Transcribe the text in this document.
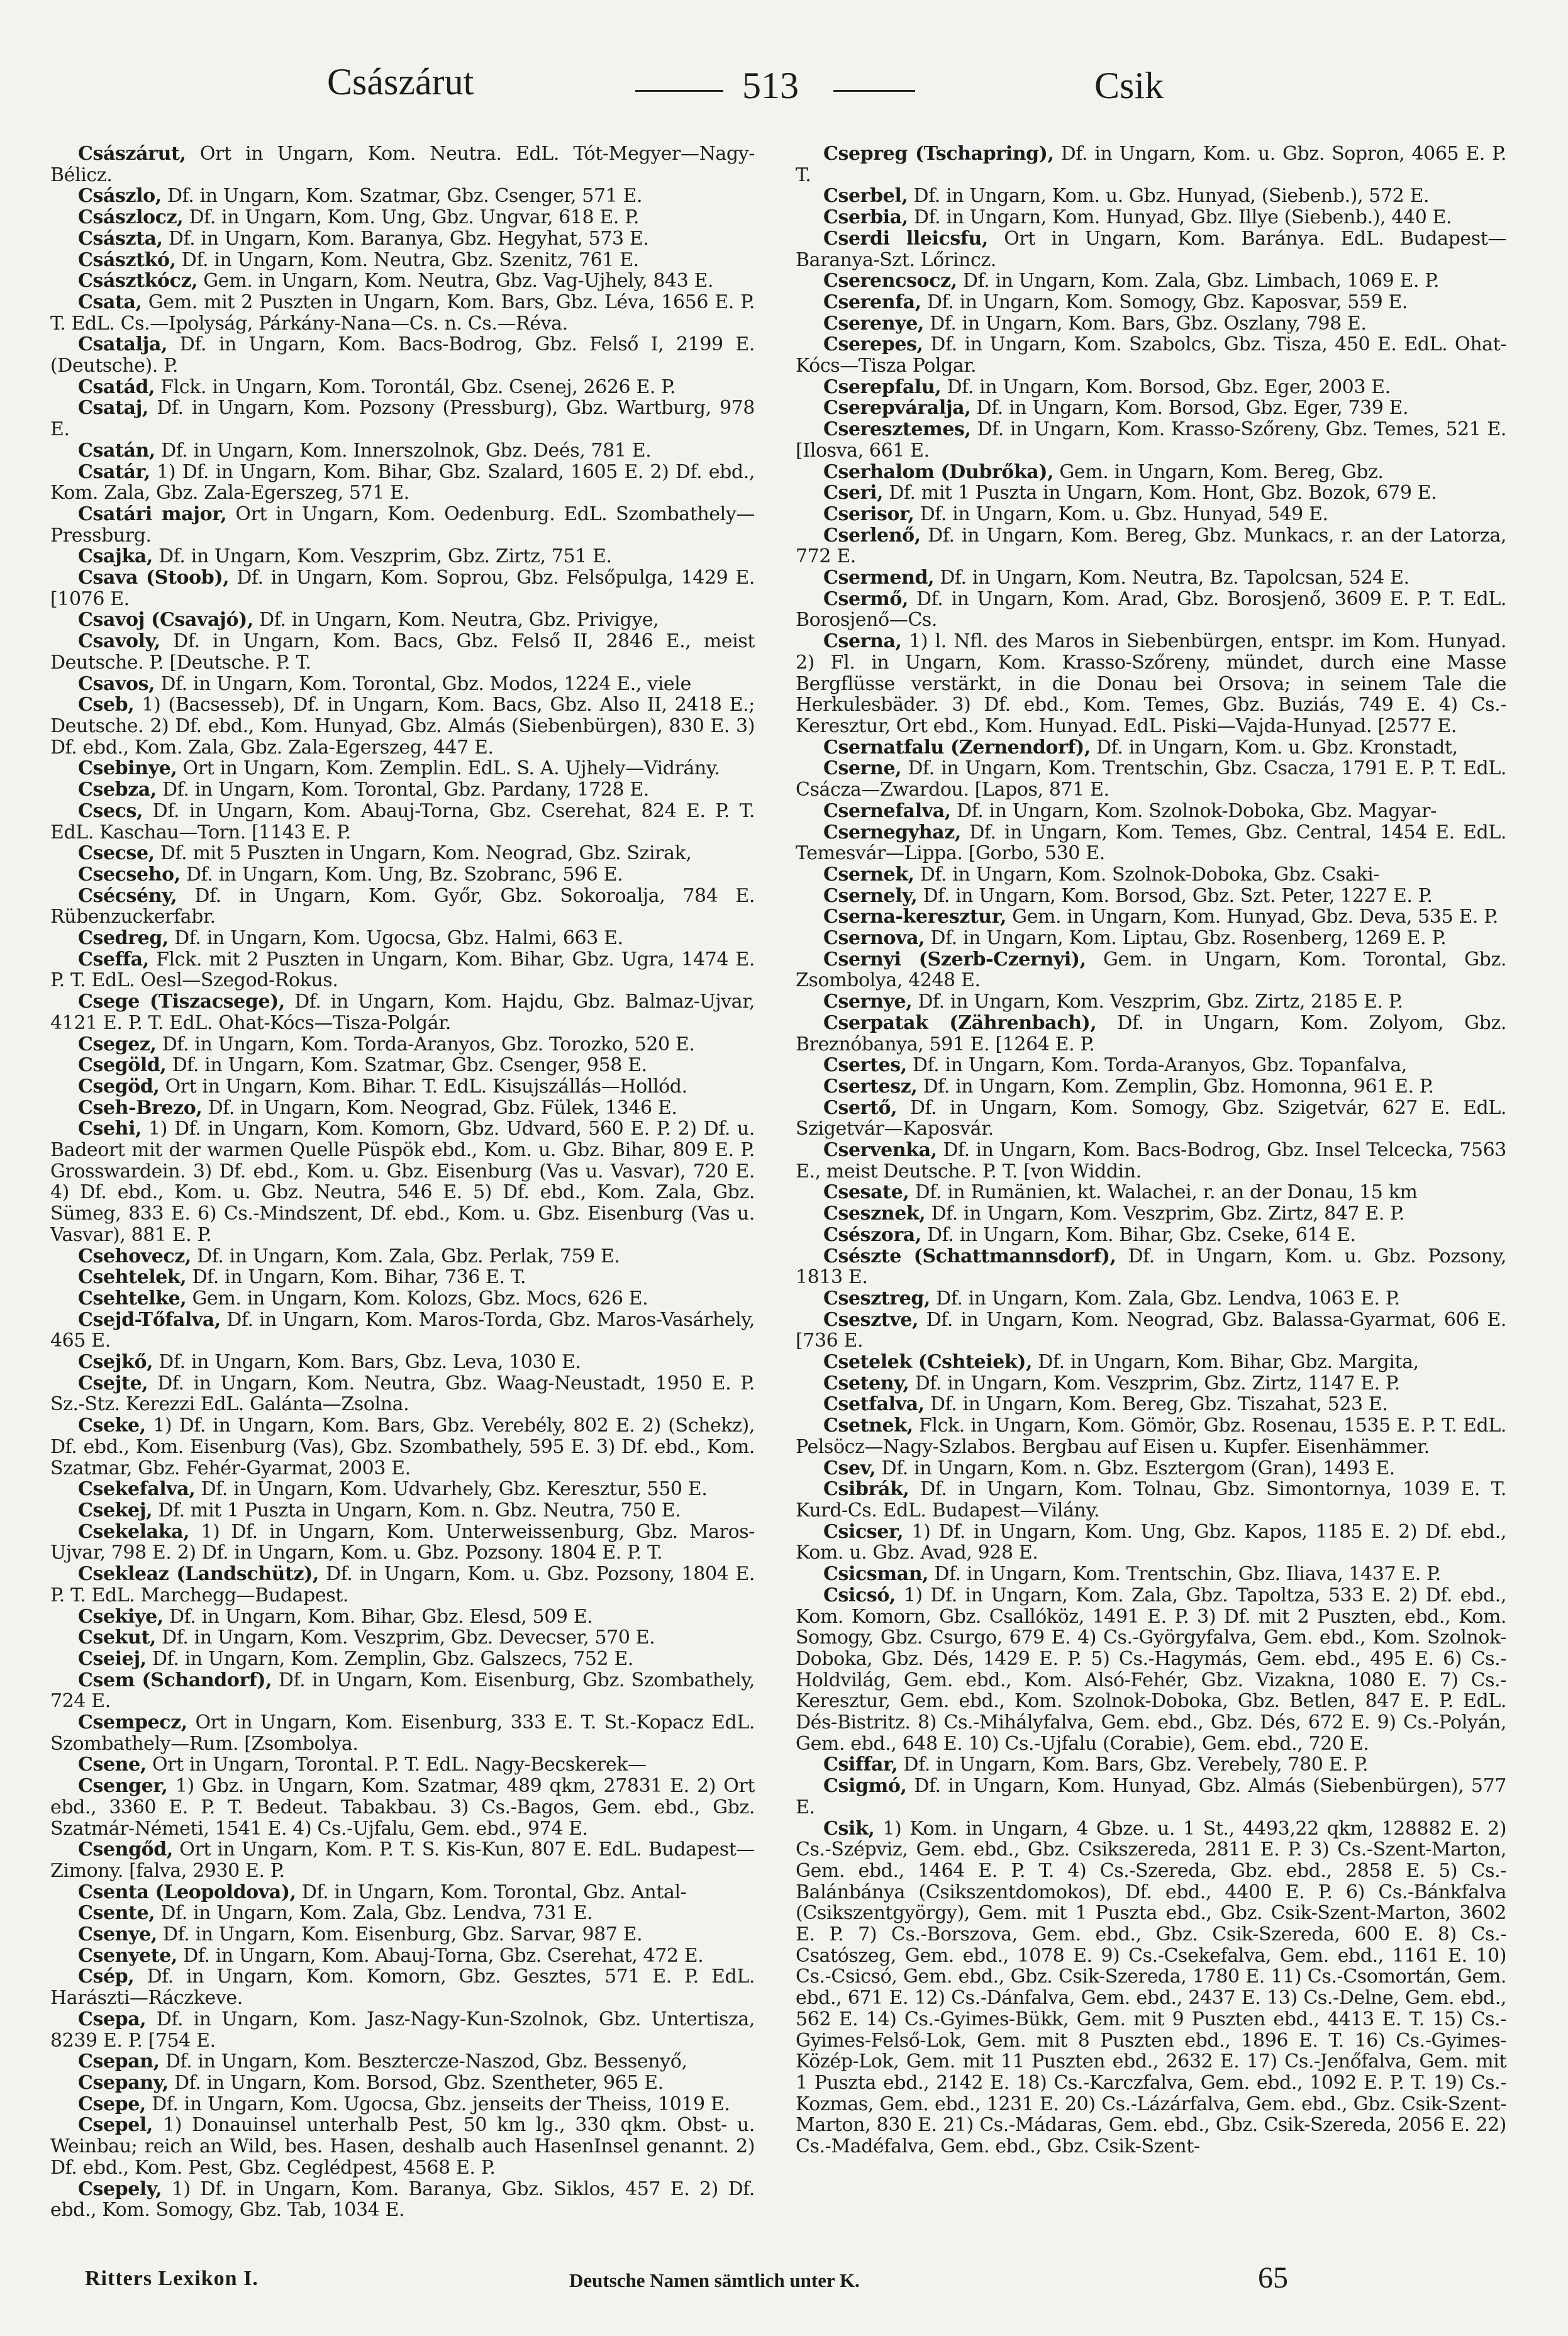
Császárut	513	Csik

Császárut, Ort in Ungarn, Kom. Neutra. EdL. Tót-Megyer—Nagy-Bélicz.

Császlo, Df. in Ungarn, Kom. Szatmar, Gbz. Csenger, 571 E.

Császlocz, Df. in Ungarn, Kom. Ung, Gbz. Ungvar, 618 E. P.

Császta, Df. in Ungarn, Kom. Baranya, Gbz. Hegyhat, 573 E.

Császtkó, Df. in Ungarn, Kom. Neutra, Gbz. Szenitz, 761 E.

Császtkócz, Gem. in Ungarn, Kom. Neutra, Gbz. Vag-Ujhely, 843 E.

Csata, Gem. mit 2 Puszten in Ungarn, Kom. Bars, Gbz. Léva, 1656 E. P. T. EdL. Cs.—Ipolyság, Párkány-Nana—Cs. n. Cs.—Réva.

Csatalja, Df. in Ungarn, Kom. Bacs-Bodrog, Gbz. Felső I, 2199 E. (Deutsche). P.

Csatád, Flck. in Ungarn, Kom. Torontál, Gbz. Csenej, 2626 E. P.

Csataj, Df. in Ungarn, Kom. Pozsony (Pressburg), Gbz. Wartburg, 978 E.

Csatán, Df. in Ungarn, Kom. Innerszolnok, Gbz. Deés, 781 E.

Csatár, 1) Df. in Ungarn, Kom. Bihar, Gbz. Szalard, 1605 E. 2) Df. ebd., Kom. Zala, Gbz. Zala-Egerszeg, 571 E.

Csatári major, Ort in Ungarn, Kom. Oedenburg. EdL. Szombathely—Pressburg.

Csajka, Df. in Ungarn, Kom. Veszprim, Gbz. Zirtz, 751 E.

Csava (Stoob), Df. in Ungarn, Kom. Soprou, Gbz. Felsőpulga, 1429 E. [1076 E.

Csavoj (Csavajó), Df. in Ungarn, Kom. Neutra, Gbz. Privigye,

Csavoly, Df. in Ungarn, Kom. Bacs, Gbz. Felső II, 2846 E., meist Deutsche. P. [Deutsche. P. T.

Csavos, Df. in Ungarn, Kom. Torontal, Gbz. Modos, 1224 E., viele

Cseb, 1) (Bacsesseb), Df. in Ungarn, Kom. Bacs, Gbz. Also II, 2418 E.; Deutsche. 2) Df. ebd., Kom. Hunyad, Gbz. Almás (Siebenbürgen), 830 E. 3) Df. ebd., Kom. Zala, Gbz. Zala-Egerszeg, 447 E.

Csebinye, Ort in Ungarn, Kom. Zemplin. EdL. S. A. Ujhely—Vidrány.

Csebza, Df. in Ungarn, Kom. Torontal, Gbz. Pardany, 1728 E.

Csecs, Df. in Ungarn, Kom. Abauj-Torna, Gbz. Cserehat, 824 E. P. T. EdL. Kaschau—Torn. [1143 E. P.

Csecse, Df. mit 5 Puszten in Ungarn, Kom. Neograd, Gbz. Szirak,

Csecseho, Df. in Ungarn, Kom. Ung, Bz. Szobranc, 596 E.

Csécsény, Df. in Ungarn, Kom. Győr, Gbz. Sokoroalja, 784 E. Rübenzuckerfabr.

Csedreg, Df. in Ungarn, Kom. Ugocsa, Gbz. Halmi, 663 E.

Cseffa, Flck. mit 2 Puszten in Ungarn, Kom. Bihar, Gbz. Ugra, 1474 E. P. T. EdL. Oesl—Szegod-Rokus.

Csege (Tiszacsege), Df. in Ungarn, Kom. Hajdu, Gbz. Balmaz-Ujvar, 4121 E. P. T. EdL. Ohat-Kócs—Tisza-Polgár.

Csegez, Df. in Ungarn, Kom. Torda-Aranyos, Gbz. Torozko, 520 E.

Csegöld, Df. in Ungarn, Kom. Szatmar, Gbz. Csenger, 958 E.

Csegöd, Ort in Ungarn, Kom. Bihar. T. EdL. Kisujszállás—Hollód.

Cseh-Brezo, Df. in Ungarn, Kom. Neograd, Gbz. Fülek, 1346 E.

Csehi, 1) Df. in Ungarn, Kom. Komorn, Gbz. Udvard, 560 E. P. 2) Df. u. Badeort mit der warmen Quelle Püspök ebd., Kom. u. Gbz. Bihar, 809 E. P. Grosswardein. 3) Df. ebd., Kom. u. Gbz. Eisenburg (Vas u. Vasvar), 720 E. 4) Df. ebd., Kom. u. Gbz. Neutra, 546 E. 5) Df. ebd., Kom. Zala, Gbz. Sümeg, 833 E. 6) Cs.-Mindszent, Df. ebd., Kom. u. Gbz. Eisenburg (Vas u. Vasvar), 881 E. P.

Csehovecz, Df. in Ungarn, Kom. Zala, Gbz. Perlak, 759 E.

Csehtelek, Df. in Ungarn, Kom. Bihar, 736 E. T.

Csehtelke, Gem. in Ungarn, Kom. Kolozs, Gbz. Mocs, 626 E.

Csejd-Tőfalva, Df. in Ungarn, Kom. Maros-Torda, Gbz. Maros-Vasárhely, 465 E.

Csejkő, Df. in Ungarn, Kom. Bars, Gbz. Leva, 1030 E.

Csejte, Df. in Ungarn, Kom. Neutra, Gbz. Waag-Neustadt, 1950 E. P. Sz.-Stz. Kerezzi EdL. Galánta—Zsolna.

Cseke, 1) Df. in Ungarn, Kom. Bars, Gbz. Verebély, 802 E. 2) (Schekz), Df. ebd., Kom. Eisenburg (Vas), Gbz. Szombathely, 595 E. 3) Df. ebd., Kom. Szatmar, Gbz. Fehér-Gyarmat, 2003 E.

Csekefalva, Df. in Ungarn, Kom. Udvarhely, Gbz. Keresztur, 550 E.

Csekej, Df. mit 1 Puszta in Ungarn, Kom. n. Gbz. Neutra, 750 E.

Csekelaka, 1) Df. in Ungarn, Kom. Unterweissenburg, Gbz. Maros-Ujvar, 798 E. 2) Df. in Ungarn, Kom. u. Gbz. Pozsony. 1804 E. P. T.

Csekleaz (Landschütz), Df. in Ungarn, Kom. u. Gbz. Pozsony, 1804 E. P. T. EdL. Marchegg—Budapest.

Csekiye, Df. in Ungarn, Kom. Bihar, Gbz. Elesd, 509 E.

Csekut, Df. in Ungarn, Kom. Veszprim, Gbz. Devecser, 570 E.

Cseiej, Df. in Ungarn, Kom. Zemplin, Gbz. Galszecs, 752 E.

Csem (Schandorf), Df. in Ungarn, Kom. Eisenburg, Gbz. Szombathely, 724 E.

Csempecz, Ort in Ungarn, Kom. Eisenburg, 333 E. T. St.-Kopacz EdL. Szombathely—Rum. [Zsombolya.

Csene, Ort in Ungarn, Torontal. P. T. EdL. Nagy-Becskerek—

Csenger, 1) Gbz. in Ungarn, Kom. Szatmar, 489 qkm, 27831 E. 2) Ort ebd., 3360 E. P. T. Bedeut. Tabakbau. 3) Cs.-Bagos, Gem. ebd., Gbz. Szatmár-Németi, 1541 E. 4) Cs.-Ujfalu, Gem. ebd., 974 E.

Csengőd, Ort in Ungarn, Kom. P. T. S. Kis-Kun, 807 E. EdL. Budapest—Zimony. [falva, 2930 E. P.

Csenta (Leopoldova), Df. in Ungarn, Kom. Torontal, Gbz. Antal-

Csente, Df. in Ungarn, Kom. Zala, Gbz. Lendva, 731 E.

Csenye, Df. in Ungarn, Kom. Eisenburg, Gbz. Sarvar, 987 E.

Csenyete, Df. in Ungarn, Kom. Abauj-Torna, Gbz. Cserehat, 472 E.

Csép, Df. in Ungarn, Kom. Komorn, Gbz. Gesztes, 571 E. P. EdL. Harászti—Ráczkeve.

Csepa, Df. in Ungarn, Kom. Jasz-Nagy-Kun-Szolnok, Gbz. Untertisza, 8239 E. P. [754 E.

Csepan, Df. in Ungarn, Kom. Besztercze-Naszod, Gbz. Bessenyő,

Csepany, Df. in Ungarn, Kom. Borsod, Gbz. Szentheter, 965 E.

Csepe, Df. in Ungarn, Kom. Ugocsa, Gbz. jenseits der Theiss, 1019 E.

Csepel, 1) Donauinsel unterhalb Pest, 50 km lg., 330 qkm. Obst- u. Weinbau; reich an Wild, bes. Hasen, deshalb auch HasenInsel genannt. 2) Df. ebd., Kom. Pest, Gbz. Ceglédpest, 4568 E. P.

Csepely, 1) Df. in Ungarn, Kom. Baranya, Gbz. Siklos, 457 E. 2) Df. ebd., Kom. Somogy, Gbz. Tab, 1034 E.

Csepreg (Tschapring), Df. in Ungarn, Kom. u. Gbz. Sopron, 4065 E. P. T.

Cserbel, Df. in Ungarn, Kom. u. Gbz. Hunyad, (Siebenb.), 572 E.

Cserbia, Df. in Ungarn, Kom. Hunyad, Gbz. Illye (Siebenb.), 440 E.

Cserdi lleicsfu, Ort in Ungarn, Kom. Baránya. EdL. Budapest—Baranya-Szt. Lőrincz.

Cserencsocz, Df. in Ungarn, Kom. Zala, Gbz. Limbach, 1069 E. P.

Cserenfa, Df. in Ungarn, Kom. Somogy, Gbz. Kaposvar, 559 E.

Cserenye, Df. in Ungarn, Kom. Bars, Gbz. Oszlany, 798 E.

Cserepes, Df. in Ungarn, Kom. Szabolcs, Gbz. Tisza, 450 E. EdL. Ohat-Kócs—Tisza Polgar.

Cserepfalu, Df. in Ungarn, Kom. Borsod, Gbz. Eger, 2003 E.

Cserepváralja, Df. in Ungarn, Kom. Borsod, Gbz. Eger, 739 E.

Cseresztemes, Df. in Ungarn, Kom. Krasso-Szőreny, Gbz. Temes, 521 E. [Ilosva, 661 E.

Cserhalom (Dubrőka), Gem. in Ungarn, Kom. Bereg, Gbz.

Cseri, Df. mit 1 Puszta in Ungarn, Kom. Hont, Gbz. Bozok, 679 E.

Cserisor, Df. in Ungarn, Kom. u. Gbz. Hunyad, 549 E.

Cserlenő, Df. in Ungarn, Kom. Bereg, Gbz. Munkacs, r. an der Latorza, 772 E.

Csermend, Df. in Ungarn, Kom. Neutra, Bz. Tapolcsan, 524 E.

Csermő, Df. in Ungarn, Kom. Arad, Gbz. Borosjenő, 3609 E. P. T. EdL. Borosjenő—Cs.

Cserna, 1) l. Nfl. des Maros in Siebenbürgen, entspr. im Kom. Hunyad. 2) Fl. in Ungarn, Kom. Krasso-Szőreny, mündet, durch eine Masse Bergflüsse verstärkt, in die Donau bei Orsova; in seinem Tale die Herkulesbäder. 3) Df. ebd., Kom. Temes, Gbz. Buziás, 749 E. 4) Cs.-Keresztur, Ort ebd., Kom. Hunyad. EdL. Piski—Vajda-Hunyad. [2577 E.

Csernatfalu (Zernendorf), Df. in Ungarn, Kom. u. Gbz. Kronstadt,

Cserne, Df. in Ungarn, Kom. Trentschin, Gbz. Csacza, 1791 E. P. T. EdL. Csácza—Zwardou. [Lapos, 871 E.

Csernefalva, Df. in Ungarn, Kom. Szolnok-Doboka, Gbz. Magyar-

Csernegyhaz, Df. in Ungarn, Kom. Temes, Gbz. Central, 1454 E. EdL. Temesvár—Lippa. [Gorbo, 530 E.

Csernek, Df. in Ungarn, Kom. Szolnok-Doboka, Gbz. Csaki-

Csernely, Df. in Ungarn, Kom. Borsod, Gbz. Szt. Peter, 1227 E. P.

Cserna-keresztur, Gem. in Ungarn, Kom. Hunyad, Gbz. Deva, 535 E. P.

Csernova, Df. in Ungarn, Kom. Liptau, Gbz. Rosenberg, 1269 E. P.

Csernyi (Szerb-Czernyi), Gem. in Ungarn, Kom. Torontal, Gbz. Zsombolya, 4248 E.

Csernye, Df. in Ungarn, Kom. Veszprim, Gbz. Zirtz, 2185 E. P.

Cserpatak (Zährenbach), Df. in Ungarn, Kom. Zolyom, Gbz. Breznóbanya, 591 E. [1264 E. P.

Csertes, Df. in Ungarn, Kom. Torda-Aranyos, Gbz. Topanfalva,

Csertesz, Df. in Ungarn, Kom. Zemplin, Gbz. Homonna, 961 E. P.

Csertő, Df. in Ungarn, Kom. Somogy, Gbz. Szigetvár, 627 E. EdL. Szigetvár—Kaposvár.

Cservenka, Df. in Ungarn, Kom. Bacs-Bodrog, Gbz. Insel Telcecka, 7563 E., meist Deutsche. P. T. [von Widdin.

Csesate, Df. in Rumänien, kt. Walachei, r. an der Donau, 15 km

Csesznek, Df. in Ungarn, Kom. Veszprim, Gbz. Zirtz, 847 E. P.

Csészora, Df. in Ungarn, Kom. Bihar, Gbz. Cseke, 614 E.

Csészte (Schattmannsdorf), Df. in Ungarn, Kom. u. Gbz. Pozsony, 1813 E.

Csesztreg, Df. in Ungarn, Kom. Zala, Gbz. Lendva, 1063 E. P.

Csesztve, Df. in Ungarn, Kom. Neograd, Gbz. Balassa-Gyarmat, 606 E. [736 E.

Csetelek (Cshteiek), Df. in Ungarn, Kom. Bihar, Gbz. Margita,

Cseteny, Df. in Ungarn, Kom. Veszprim, Gbz. Zirtz, 1147 E. P.

Csetfalva, Df. in Ungarn, Kom. Bereg, Gbz. Tiszahat, 523 E.

Csetnek, Flck. in Ungarn, Kom. Gömör, Gbz. Rosenau, 1535 E. P. T. EdL. Pelsöcz—Nagy-Szlabos. Bergbau auf Eisen u. Kupfer. Eisenhämmer.

Csev, Df. in Ungarn, Kom. n. Gbz. Esztergom (Gran), 1493 E.

Csibrák, Df. in Ungarn, Kom. Tolnau, Gbz. Simontornya, 1039 E. T. Kurd-Cs. EdL. Budapest—Vilány.

Csicser, 1) Df. in Ungarn, Kom. Ung, Gbz. Kapos, 1185 E. 2) Df. ebd., Kom. u. Gbz. Avad, 928 E.

Csicsman, Df. in Ungarn, Kom. Trentschin, Gbz. Iliava, 1437 E. P.

Csicsó, 1) Df. in Ungarn, Kom. Zala, Gbz. Tapoltza, 533 E. 2) Df. ebd., Kom. Komorn, Gbz. Csallóköz, 1491 E. P. 3) Df. mit 2 Puszten, ebd., Kom. Somogy, Gbz. Csurgo, 679 E. 4) Cs.-Györgyfalva, Gem. ebd., Kom. Szolnok-Doboka, Gbz. Dés, 1429 E. P. 5) Cs.-Hagymás, Gem. ebd., 495 E. 6) Cs.-Holdvilág, Gem. ebd., Kom. Alsó-Fehér, Gbz. Vizakna, 1080 E. 7) Cs.-Keresztur, Gem. ebd., Kom. Szolnok-Doboka, Gbz. Betlen, 847 E. P. EdL. Dés-Bistritz. 8) Cs.-Mihályfalva, Gem. ebd., Gbz. Dés, 672 E. 9) Cs.-Polyán, Gem. ebd., 648 E. 10) Cs.-Ujfalu (Corabie), Gem. ebd., 720 E.

Csiffar, Df. in Ungarn, Kom. Bars, Gbz. Verebely, 780 E. P.

Csigmó, Df. in Ungarn, Kom. Hunyad, Gbz. Almás (Siebenbürgen), 577 E.

Csik, 1) Kom. in Ungarn, 4 Gbze. u. 1 St., 4493,22 qkm, 128882 E. 2) Cs.-Szépviz, Gem. ebd., Gbz. Csikszereda, 2811 E. P. 3) Cs.-Szent-Marton, Gem. ebd., 1464 E. P. T. 4) Cs.-Szereda, Gbz. ebd., 2858 E. 5) Cs.-Balánbánya (Csikszentdomokos), Df. ebd., 4400 E. P. 6) Cs.-Bánkfalva (Csikszentgyörgy), Gem. mit 1 Puszta ebd., Gbz. Csik-Szent-Marton, 3602 E. P. 7) Cs.-Borszova, Gem. ebd., Gbz. Csik-Szereda, 600 E. 8) Cs.-Csatószeg, Gem. ebd., 1078 E. 9) Cs.-Csekefalva, Gem. ebd., 1161 E. 10) Cs.-Csicsó, Gem. ebd., Gbz. Csik-Szereda, 1780 E. 11) Cs.-Csomortán, Gem. ebd., 671 E. 12) Cs.-Dánfalva, Gem. ebd., 2437 E. 13) Cs.-Delne, Gem. ebd., 562 E. 14) Cs.-Gyimes-Bükk, Gem. mit 9 Puszten ebd., 4413 E. T. 15) Cs.-Gyimes-Felső-Lok, Gem. mit 8 Puszten ebd., 1896 E. T. 16) Cs.-Gyimes-Közép-Lok, Gem. mit 11 Puszten ebd., 2632 E. 17) Cs.-Jenőfalva, Gem. mit 1 Puszta ebd., 2142 E. 18) Cs.-Karczfalva, Gem. ebd., 1092 E. P. T. 19) Cs.-Kozmas, Gem. ebd., 1231 E. 20) Cs.-Lázárfalva, Gem. ebd., Gbz. Csik-Szent-Marton, 830 E. 21) Cs.-Mádaras, Gem. ebd., Gbz. Csik-Szereda, 2056 E. 22) Cs.-Madéfalva, Gem. ebd., Gbz. Csik-Szent-

Ritters Lexikon I.	Deutsche Namen sämtlich unter K.	65
